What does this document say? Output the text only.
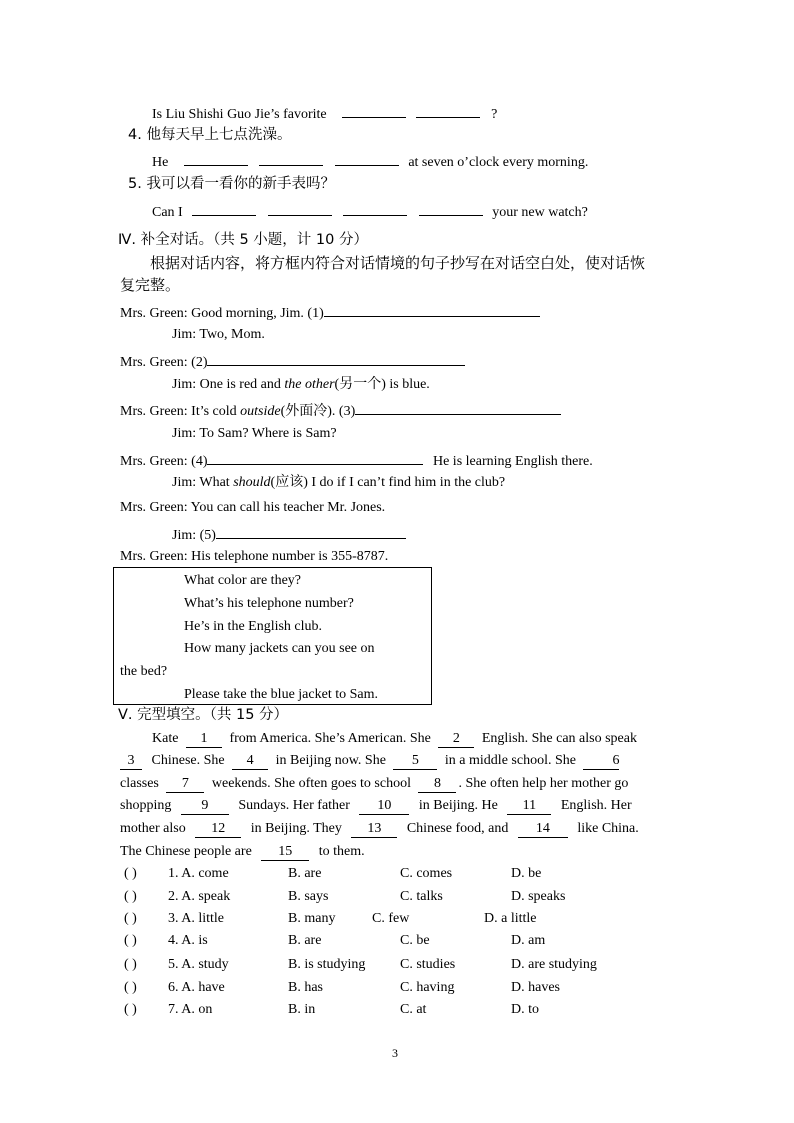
Is Liu Shishi Guo Jie’s favorite	?
4. 他每天早上七点洗澡。
He	at seven o’clock every morning.
5. 我可以看一看你的新手表吗？
Can I	your new watch?
Ⅳ. 补全对话。（共 5 小题，计 10 分）
根据对话内容，将方框内符合对话情境的句子抄写在对话空白处，使对话恢
复完整。
Mrs. Green: Good morning, Jim. (1)
Jim: Two, Mom.
Mrs. Green: (2)
Jim: One is red and the other(另一个) is blue.
Mrs. Green: It’s cold outside(外面冷). (3)
Jim: To Sam? Where is Sam?
Mrs. Green: (4)	He is learning English there.
Jim: What should(应该) I do if I can’t find him in the club?
Mrs. Green: You can call his teacher Mr. Jones.
Jim: (5)
Mrs. Green: His telephone number is 355-8787.
What color are they?
What’s his telephone number?
He’s in the English club.
How many jackets can you see on
the bed?
Please take the blue jacket to Sam.
Ⅴ. 完型填空。（共 15 分）
Kate 1 from America. She’s American. She 2 English. She can also speak
3 Chinese. She 4 in Beijing now. She 5 in a middle school. She	6
classes 7 weekends. She often goes to school 8 . She often help her mother go
shopping 9 Sundays. Her father 10 in Beijing. He 11 English. Her
mother also 12 in Beijing. They 13 Chinese food, and 14 like China.
The Chinese people are 15 to them.
( ) 1. A. come	B. are	C. comes	D. be
( ) 2. A. speak	B. says	C. talks	D. speaks
( ) 3. A. little	B. many	C. few	D. a little
( ) 4. A. is	B. are	C. be	D. am
( ) 5. A. study	B. is studying C. studies	D. are studying
( ) 6. A. have	B. has	C. having	D. haves
( ) 7. A. on	B. in	C. at	D. to
3
